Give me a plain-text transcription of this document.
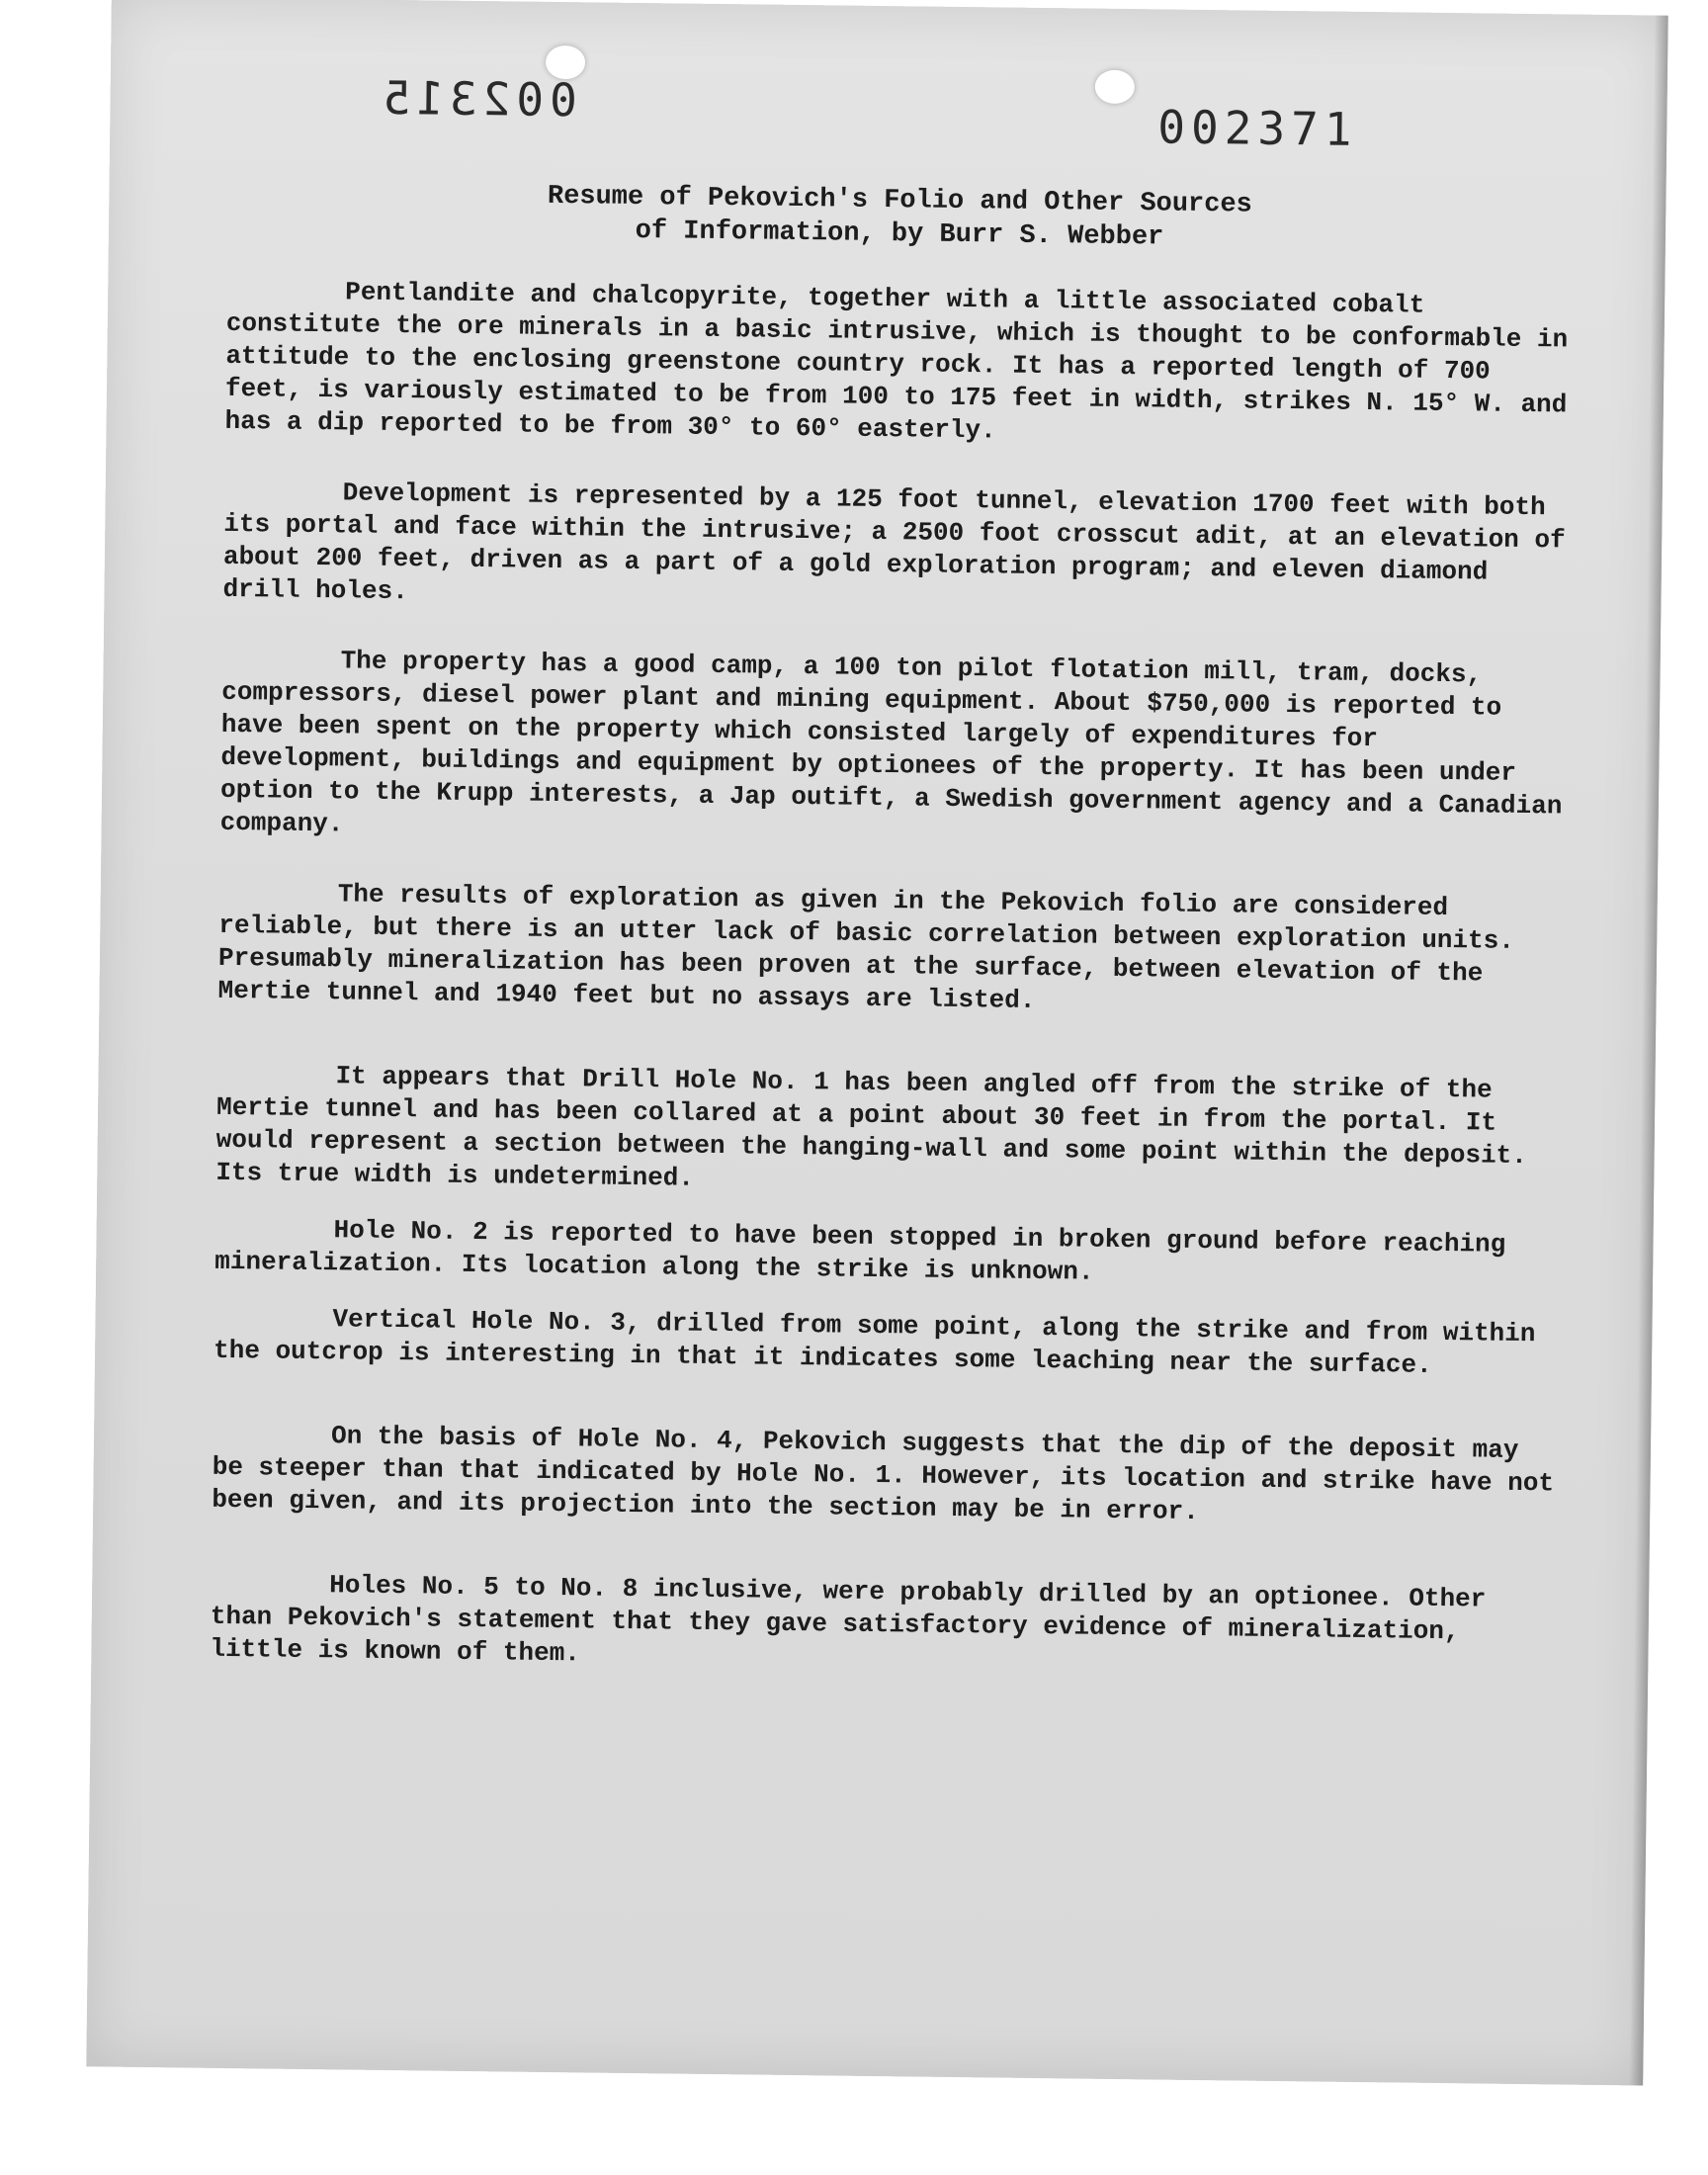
002315
002371
Resume of Pekovich's Folio and Other Sources
of Information, by Burr S. Webber

Pentlandite and chalcopyrite, together with a little associated cobalt constitute the ore minerals in a basic intrusive, which is thought to be conformable in attitude to the enclosing greenstone country rock. It has a reported length of 700 feet, is variously estimated to be from 100 to 175 feet in width, strikes N. 15° W. and has a dip reported to be from 30° to 60° easterly.

Development is represented by a 125 foot tunnel, elevation 1700 feet with both its portal and face within the intrusive; a 2500 foot crosscut adit, at an elevation of about 200 feet, driven as a part of a gold exploration program; and eleven diamond drill holes.

The property has a good camp, a 100 ton pilot flotation mill, tram, docks, compressors, diesel power plant and mining equipment. About $750,000 is reported to have been spent on the property which consisted largely of expenditures for development, buildings and equipment by optionees of the property. It has been under option to the Krupp interests, a Jap outift, a Swedish government agency and a Canadian company.

The results of exploration as given in the Pekovich folio are considered reliable, but there is an utter lack of basic correlation between exploration units. Presumably mineralization has been proven at the surface, between elevation of the Mertie tunnel and 1940 feet but no assays are listed.

It appears that Drill Hole No. 1 has been angled off from the strike of the Mertie tunnel and has been collared at a point about 30 feet in from the portal. It would represent a section between the hanging-wall and some point within the deposit. Its true width is undetermined.

Hole No. 2 is reported to have been stopped in broken ground before reaching mineralization. Its location along the strike is unknown.

Vertical Hole No. 3, drilled from some point, along the strike and from within the outcrop is interesting in that it indicates some leaching near the surface.

On the basis of Hole No. 4, Pekovich suggests that the dip of the deposit may be steeper than that indicated by Hole No. 1. However, its location and strike have not been given, and its projection into the section may be in error.

Holes No. 5 to No. 8 inclusive, were probably drilled by an optionee. Other than Pekovich's statement that they gave satisfactory evidence of mineralization, little is known of them.
